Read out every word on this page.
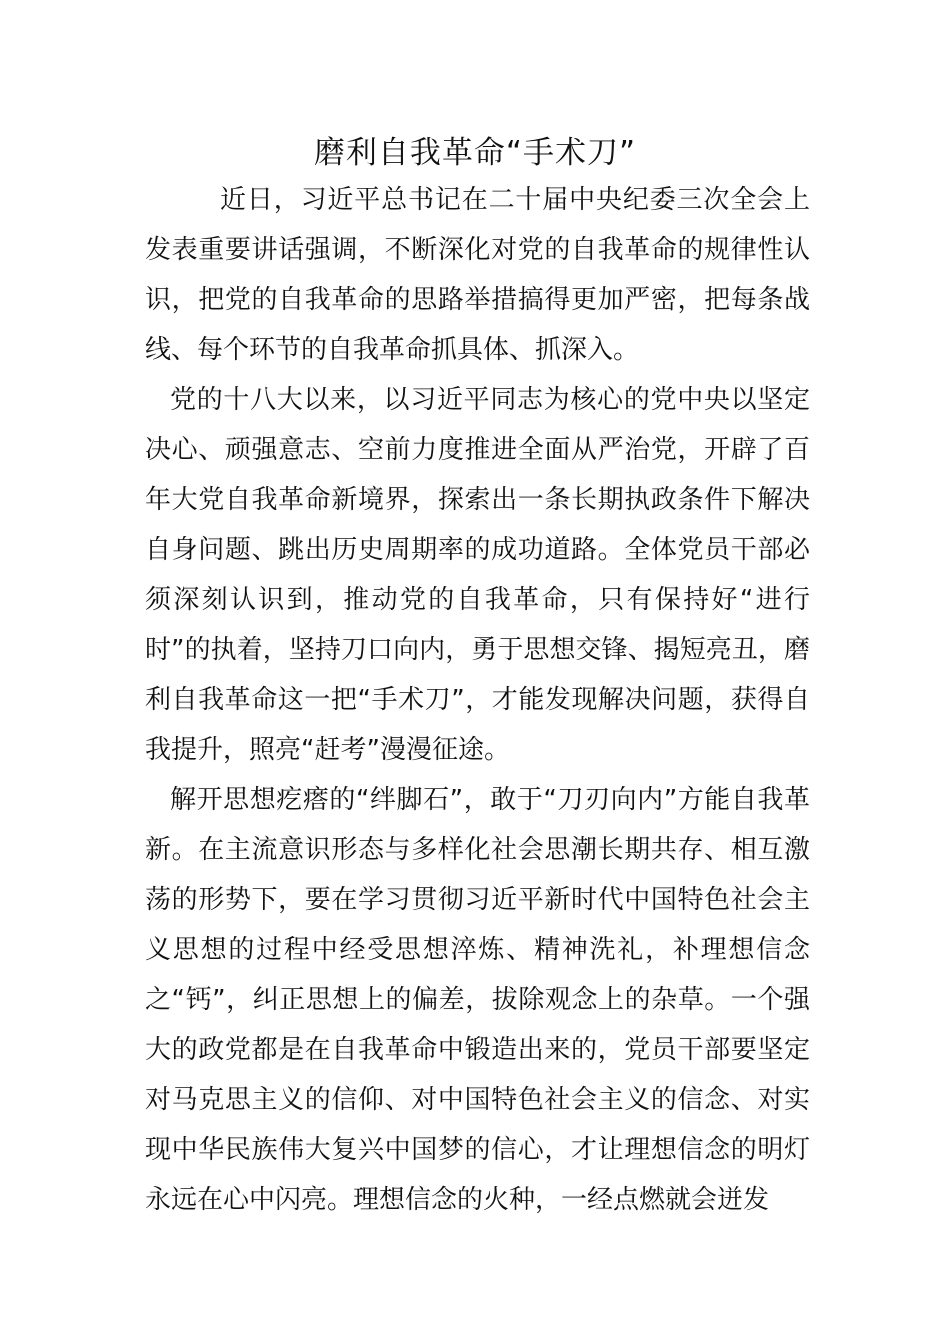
磨利自我革命“手术刀”

近日，习近平总书记在二十届中央纪委三次全会上发表重要讲话强调，不断深化对党的自我革命的规律性认识，把党的自我革命的思路举措搞得更加严密，把每条战线、每个环节的自我革命抓具体、抓深入。

党的十八大以来，以习近平同志为核心的党中央以坚定决心、顽强意志、空前力度推进全面从严治党，开辟了百年大党自我革命新境界，探索出一条长期执政条件下解决自身问题、跳出历史周期率的成功道路。全体党员干部必须深刻认识到，推动党的自我革命，只有保持好“进行时”的执着，坚持刀口向内，勇于思想交锋、揭短亮丑，磨利自我革命这一把“手术刀”，才能发现解决问题，获得自我提升，照亮“赶考”漫漫征途。

解开思想疙瘩的“绊脚石”，敢于“刀刃向内”方能自我革新。在主流意识形态与多样化社会思潮长期共存、相互激荡的形势下，要在学习贯彻习近平新时代中国特色社会主义思想的过程中经受思想淬炼、精神洗礼，补理想信念之“钙”，纠正思想上的偏差，拔除观念上的杂草。一个强大的政党都是在自我革命中锻造出来的，党员干部要坚定对马克思主义的信仰、对中国特色社会主义的信念、对实现中华民族伟大复兴中国梦的信心，才让理想信念的明灯永远在心中闪亮。理想信念的火种，一经点燃就会迸发
